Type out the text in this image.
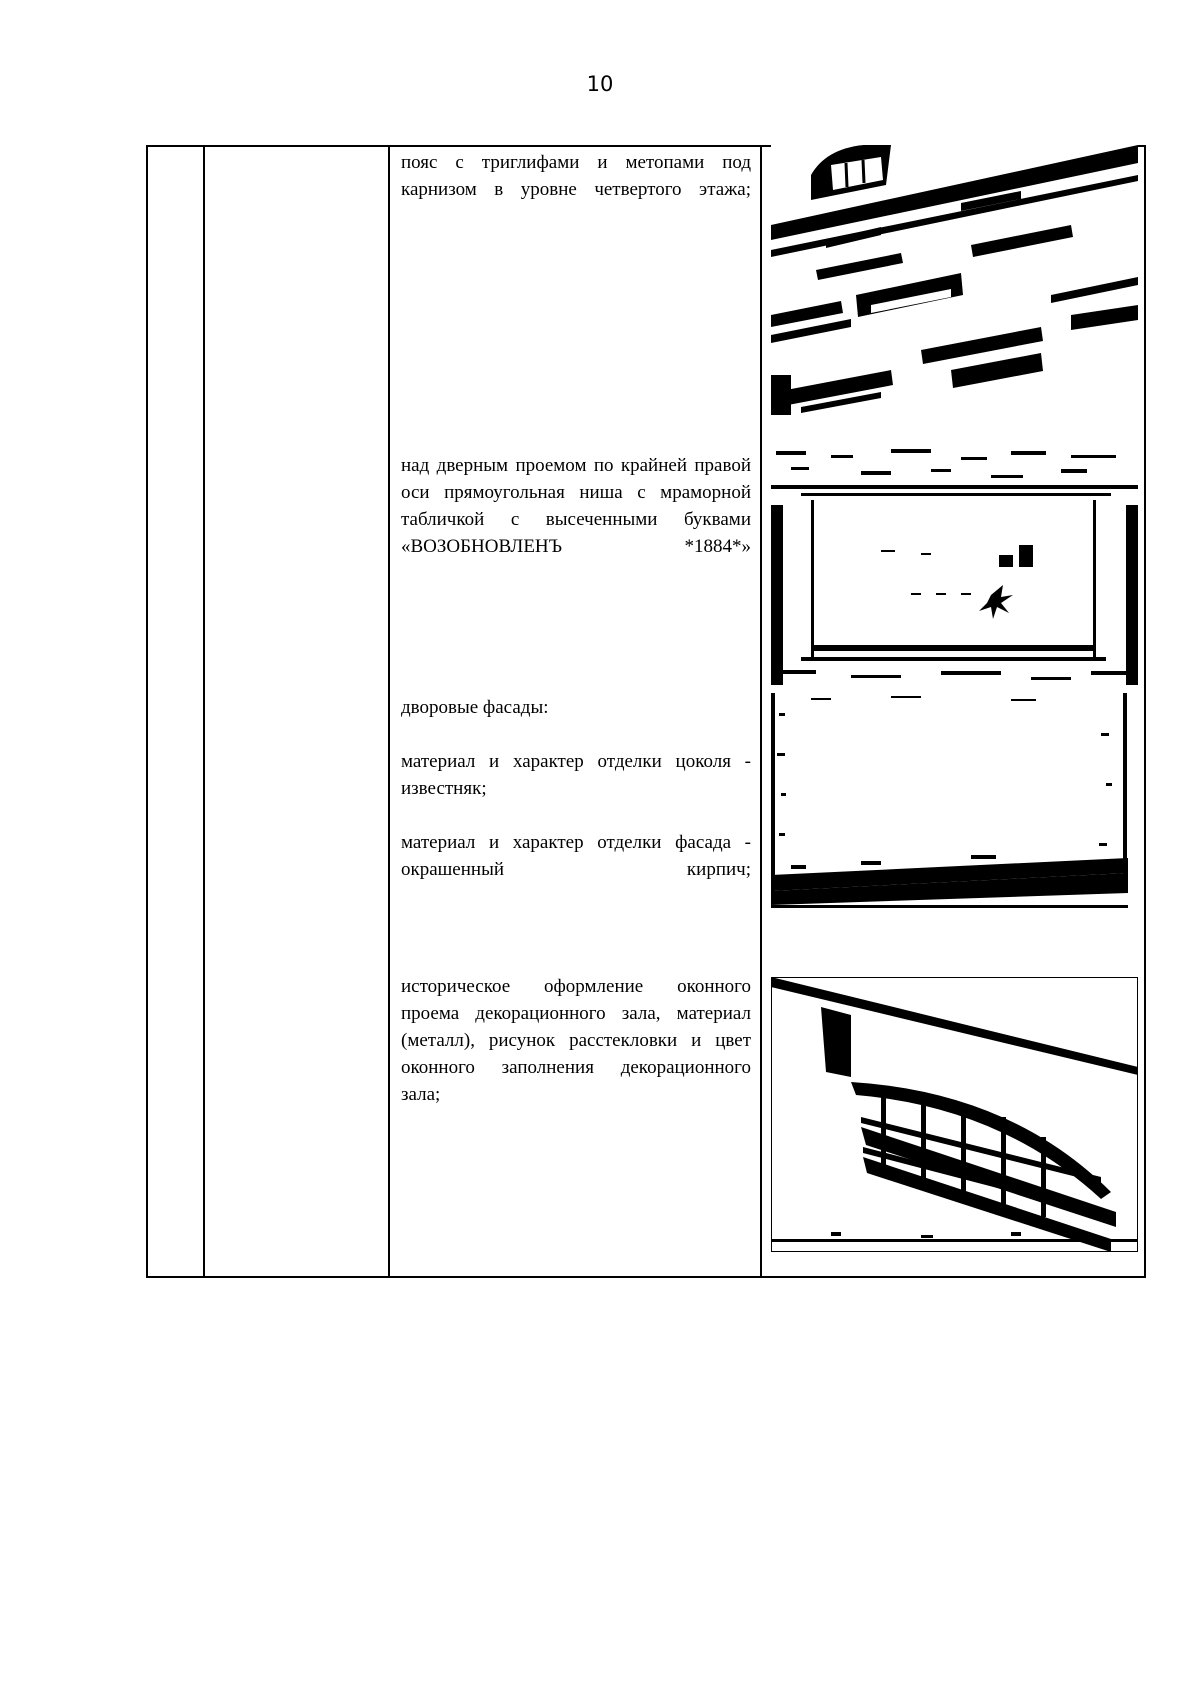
10
пояс с триглифами и метопами под карнизом в уровне четвертого этажа;
над дверным проемом по крайней правой оси прямоугольная ниша с мраморной табличкой с высеченными буквами «ВОЗОБНОВЛЕНЪ *1884*»
дворовые фасады:
материал и характер отделки цоколя - известняк;
материал и характер отделки фасада - окрашенный кирпич;
историческое оформление оконного проема декорационного зала, материал (металл), рисунок расстекловки и цвет оконного заполнения декорационного зала;
